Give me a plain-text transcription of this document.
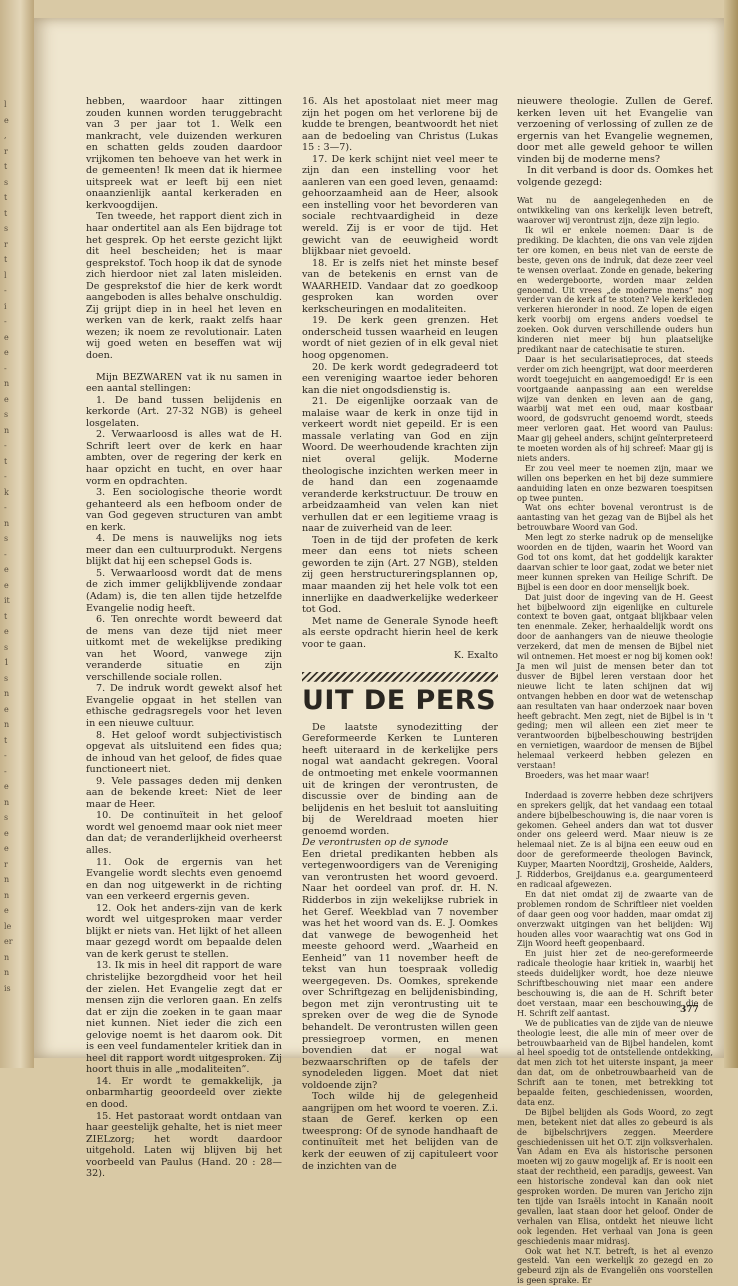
l
e
,
r
t
s
t
t
s
r
t
l
-
i
-
e
e
-
n
e
s
n
-
t
-
k
-
n
s
-
e
e
it
t
e
s
1
s
n
e
n
t
-
-
e
n
s
e
e
r
n
n
e
le
er
n
n
is

hebben, waardoor haar zittingen zouden kunnen worden teruggebracht van 3 per jaar tot 1. Welk een mankracht, vele duizenden werkuren en schatten gelds zouden daardoor vrijkomen ten behoeve van het werk in de gemeenten! Ik meen dat ik hiermee uitspreek wat er leeft bij een niet onaanzienlijk aantal kerkeraden en kerkvoogdijen.

Ten tweede, het rapport dient zich in haar ondertitel aan als Een bijdrage tot het gesprek. Op het eerste gezicht lijkt dit heel bescheiden; het is maar gesprekstof. Toch hoop ik dat de synode zich hierdoor niet zal laten misleiden. De gesprekstof die hier de kerk wordt aangeboden is alles behalve onschuldig. Zij grijpt diep in in heel het leven en werken van de kerk, raakt zelfs haar wezen; ik noem ze revolutionair. Laten wij goed weten en beseffen wat wij doen.

Mijn BEZWAREN vat ik nu samen in een aantal stellingen:

1. De band tussen belijdenis en kerkorde (Art. 27-32 NGB) is geheel losgelaten.

2. Verwaarloosd is alles wat de H. Schrift leert over de kerk en haar ambten, over de regering der kerk en haar opzicht en tucht, en over haar vorm en opdrachten.

3. Een sociologische theorie wordt gehanteerd als een hefboom onder de van God gegeven structuren van ambt en kerk.

4. De mens is nauwelijks nog iets meer dan een cultuurprodukt. Nergens blijkt dat hij een schepsel Gods is.

5. Verwaarloosd wordt dat de mens de zich immer gelijkblijvende zondaar (Adam) is, die ten allen tijde hetzelfde Evangelie nodig heeft.

6. Ten onrechte wordt beweerd dat de mens van deze tijd niet meer uitkomt met de wekelijkse prediking van het Woord, vanwege zijn veranderde situatie en zijn verschillende sociale rollen.

7. De indruk wordt gewekt alsof het Evangelie opgaat in het stellen van ethische gedragsregels voor het leven in een nieuwe cultuur.

8. Het geloof wordt subjectivistisch opgevat als uitsluitend een fides qua; de inhoud van het geloof, de fides quae functioneert niet.

9. Vele passages deden mij denken aan de bekende kreet: Niet de leer maar de Heer.

10. De continuïteit in het geloof wordt wel genoemd maar ook niet meer dan dat; de veranderlijkheid overheerst alles.

11. Ook de ergernis van het Evangelie wordt slechts even genoemd en dan nog uitgewerkt in de richting van een verkeerd ergernis geven.

12. Ook het anders-zijn van de kerk wordt wel uitgesproken maar verder blijkt er niets van. Het lijkt of het alleen maar gezegd wordt om bepaalde delen van de kerk gerust te stellen.

13. Ik mis in heel dit rapport de ware christelijke bezorgdheid voor het heil der zielen. Het Evangelie zegt dat er mensen zijn die verloren gaan. En zelfs dat er zijn die zoeken in te gaan maar niet kunnen. Niet ieder die zich een gelovige noemt is het daarom ook. Dit is een veel fundamenteler kritiek dan in heel dit rapport wordt uitgesproken. Zij hoort thuis in alle „modaliteiten”.

14. Er wordt te gemakkelijk, ja onbarmhartig geoordeeld over ziekte en dood.

15. Het pastoraat wordt ontdaan van haar geestelijk gehalte, het is niet meer ZIELzorg; het wordt daardoor uitgehold. Laten wij blijven bij het voorbeeld van Paulus (Hand. 20 : 28—32).

16. Als het apostolaat niet meer mag zijn het pogen om het verlorene bij de kudde te brengen, beantwoordt het niet aan de bedoeling van Christus (Lukas 15 : 3—7).

17. De kerk schijnt niet veel meer te zijn dan een instelling voor het aanleren van een goed leven, genaamd: gehoorzaamheid aan de Heer, alsook een instelling voor het bevorderen van sociale rechtvaardigheid in deze wereld. Zij is er voor de tijd. Het gewicht van de eeuwigheid wordt blijkbaar niet gevoeld.

18. Er is zelfs niet het minste besef van de betekenis en ernst van de WAARHEID. Vandaar dat zo goedkoop gesproken kan worden over kerkscheuringen en modaliteiten.

19. De kerk geen grenzen. Het onderscheid tussen waarheid en leugen wordt of niet gezien of in elk geval niet hoog opgenomen.

20. De kerk wordt gedegradeerd tot een vereniging waartoe ieder behoren kan die niet ongodsdienstig is.

21. De eigenlijke oorzaak van de malaise waar de kerk in onze tijd in verkeert wordt niet gepeild. Er is een massale verlating van God en zijn Woord. De weerhoudende krachten zijn niet overal gelijk. Moderne theologische inzichten werken meer in de hand dan een zogenaamde veranderde kerkstructuur. De trouw en arbeidzaamheid van velen kan niet verhullen dat er een legitieme vraag is naar de zuiverheid van de leer.

Toen in de tijd der profeten de kerk meer dan eens tot niets scheen geworden te zijn (Art. 27 NGB), stelden zij geen herstructureringsplannen op, maar maanden zij het hele volk tot een innerlijke en daadwerkelijke wederkeer tot God.

Met name de Generale Synode heeft als eerste opdracht hierin heel de kerk voor te gaan.

K. Exalto

UIT DE PERS

De laatste synodezitting der Gereformeerde Kerken te Lunteren heeft uiteraard in de kerkelijke pers nogal wat aandacht gekregen. Vooral de ontmoeting met enkele voormannen uit de kringen der verontrusten, de discussie over de binding aan de belijdenis en het besluit tot aansluiting bij de Wereldraad moeten hier genoemd worden.

De verontrusten op de synode

Een drietal predikanten hebben als vertegenwoordigers van de Vereniging van verontrusten het woord gevoerd. Naar het oordeel van prof. dr. H. N. Ridderbos in zijn wekelijkse rubriek in het Geref. Weekblad van 7 november was het het woord van ds. E. J. Oomkes dat vanwege de bewogenheid het meeste gehoord werd. „Waarheid en Eenheid” van 11 november heeft de tekst van hun toespraak volledig weergegeven. Ds. Oomkes, sprekende over Schriftgezag en belijdenisbinding, begon met zijn verontrusting uit te spreken over de weg die de Synode behandelt. De verontrusten willen geen pressiegroep vormen, en menen bovendien dat er nogal wat bezwaarschriften op de tafels der synodeleden liggen. Moet dat niet voldoende zijn?

Toch wilde hij de gelegenheid aangrijpen om het woord te voeren. Z.i. staan de Geref. kerken op een tweesprong: Of de synode handhaaft de continuïteit met het belijden van de kerk der eeuwen of zij capituleert voor de inzichten van de

nieuwere theologie. Zullen de Geref. kerken leven uit het Evangelie van verzoening of verlossing of zullen ze de ergernis van het Evangelie wegnemen, door met alle geweld gehoor te willen vinden bij de moderne mens?

In dit verband is door ds. Oomkes het volgende gezegd:

Wat nu de aangelegenheden en de ontwikkeling van ons kerkelijk leven betreft, waarover wij verontrust zijn, deze zijn legio.

Ik wil er enkele noemen: Daar is de prediking. De klachten, die ons van vele zijden ter ore komen, en beus niet van de eerste de beste, geven ons de indruk, dat deze zeer veel te wensen overlaat. Zonde en genade, bekering en wedergeboorte, worden maar zelden genoemd. Uit vrees „de moderne mens” nog verder van de kerk af te stoten? Vele kerkleden verkeren hieronder in nood. Ze lopen de eigen kerk voorbij om ergens anders voedsel te zoeken. Ook durven verschillende ouders hun kinderen niet meer bij hun plaatselijke predikant naar de catechisatie te sturen.

Daar is het secularisatieproces, dat steeds verder om zich heengrijpt, wat door meerderen wordt toegejuicht en aangemoedigd! Er is een voortgaande aanpassing aan een wereldse wijze van denken en leven aan de gang, waarbij wat met een oud, maar kostbaar woord, de godsvrucht genoemd wordt, steeds meer verloren gaat. Het woord van Paulus: Maar gij geheel anders, schijnt geïnterpreteerd te moeten worden als of hij schreef: Maar gij is niets anders.

Er zou veel meer te noemen zijn, maar we willen ons beperken en het bij deze summiere aanduiding laten en onze bezwaren toespitsen op twee punten.

Wat ons echter bovenal verontrust is de aantasting van het gezag van de Bijbel als het betrouwbare Woord van God.

Men legt zo sterke nadruk op de menselijke woorden en de tijden, waarin het Woord van God tot ons komt, dat het goddelijk karakter daarvan schier te loor gaat, zodat we beter niet meer kunnen spreken van Heilige Schrift. De Bijbel is een door en door menselijk boek.

Dat juist door de ingeving van de H. Geest het bijbelwoord zijn eigenlijke en culturele context te boven gaat, ontgaat blijkbaar velen ten enenmale. Zeker, herhaaldelijk wordt ons door de aanhangers van de nieuwe theologie verzekerd, dat men de mensen de Bijbel niet wil ontnemen. Het moest er nog bij komen ook! Ja men wil juist de mensen beter dan tot dusver de Bijbel leren verstaan door het nieuwe licht te laten schijnen dat wij ontvangen hebben en door wat de wetenschap aan resultaten van haar onderzoek naar boven heeft gebracht. Men zegt, niet de Bijbel is in 't geding; men wil alleen een ziet meer te verantwoorden bijbelbeschouwing bestrijden en vernietigen, waardoor de mensen de Bijbel helemaal verkeerd hebben gelezen en verstaan!

Broeders, was het maar waar!

Inderdaad is zoverre hebben deze schrijvers en sprekers gelijk, dat het vandaag een totaal andere bijbelbeschouwing is, die naar voren is gekomen. Geheel anders dan wat tot dusver onder ons geleerd werd. Maar nieuw is ze helemaal niet. Ze is al bijna een eeuw oud en door de gereformeerde theologen Bavinck, Kuyper, Maarten Noordtzij, Grosheide, Aalders, J. Ridderbos, Greijdanus e.a. geargumenteerd en radicaal afgewezen.

En dat niet omdat zij de zwaarte van de problemen rondom de Schriftleer niet voelden of daar geen oog voor hadden, maar omdat zij onverzwakt uitgingen van het belijden: Wij houden alles voor waarachtig wat ons God in Zijn Woord heeft geopenbaard.

En juist hier zet de neo-gereformeerde radicale theologie haar kritiek in, waarbij het steeds duidelijker wordt, hoe deze nieuwe Schriftbeschouwing niet maar een andere beschouwing is, die aan de H. Schrift beter doet verstaan, maar een beschouwing die de H. Schrift zelf aantast.

We de publicaties van de zijde van de nieuwe theologie leest, die alle min of meer over de betrouwbaarheid van de Bijbel handelen, komt al heel spoedig tot de ontstellende ontdekking, dat men zich tot het uiterste inspant, ja meer dan dat, om de onbetrouwbaarheid van de Schrift aan te tonen, met betrekking tot bepaalde feiten, geschiedenissen, woorden, data enz.

De Bijbel belijden als Gods Woord, zo zegt men, betekent niet dat alles zo gebeurd is als de bijbelschrijvers zeggen. Meerdere geschiedenissen uit het O.T. zijn volksverhalen. Van Adam en Eva als historische personen moeten wij zo gauw mogelijk af. Er is nooit een staat der rechtheid, een paradijs, geweest. Van een historische zondeval kan dan ook niet gesproken worden. De muren van Jericho zijn ten tijde van Israëls intocht in Kanaän nooit gevallen, laat staan door het geloof. Onder de verhalen van Elisa, ontdekt het nieuwe licht ook legenden. Het verhaal van Jona is geen geschiedenis maar midrasj.

Ook wat het N.T. betreft, is het al evenzo gesteld. Van een werkelijk zo gezegd en zo gebeurd zijn als de Evangeliën ons voorstellen is geen sprake. Er

377
